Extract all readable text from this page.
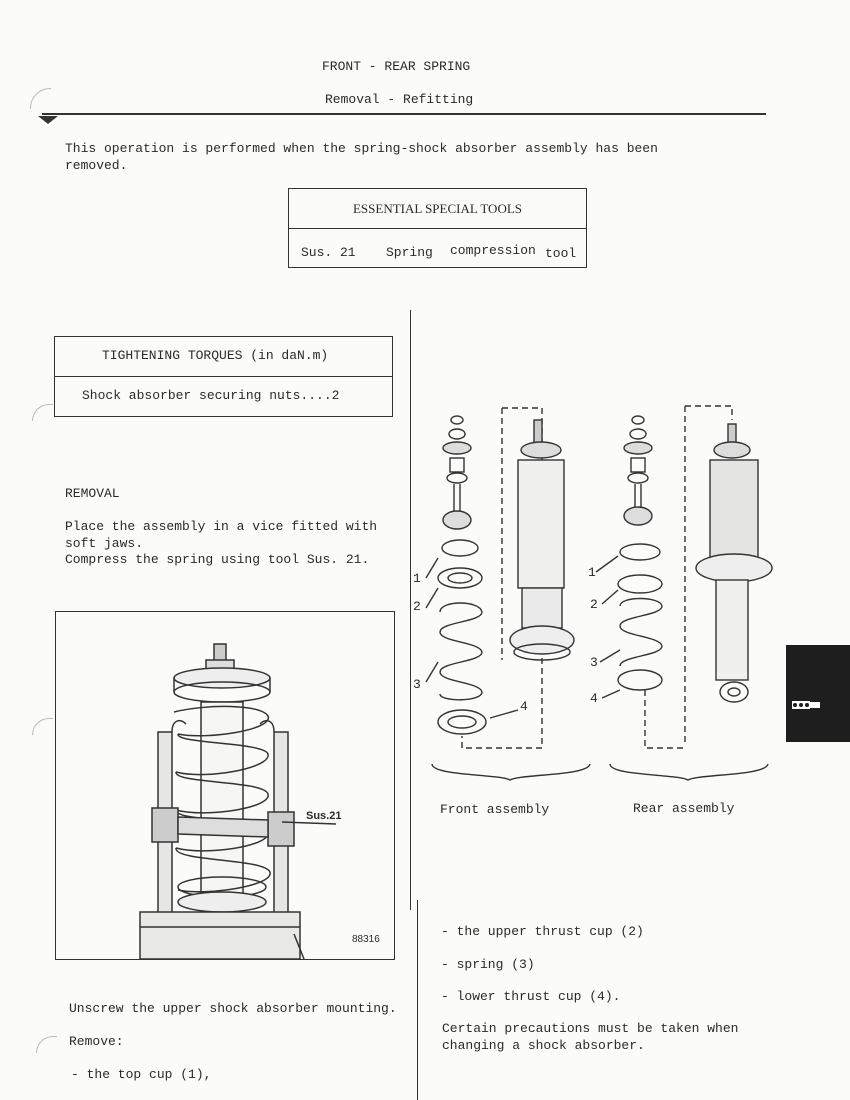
FRONT - REAR SPRING
Removal - Refitting
This operation is performed when the spring-shock absorber assembly has been
removed.
ESSENTIAL SPECIAL TOOLS
Sus. 21 Spring compression tool
TIGHTENING TORQUES (in daN.m)
Shock absorber securing nuts....2
REMOVAL
Place the assembly in a vice fitted with
soft jaws.
Compress the spring using tool Sus. 21.
Sus.21
88316
Unscrew the upper shock absorber mounting.
Remove:
- the top cup (1),
1
2
3
4
1
2
3
4
Front assembly	Rear assembly
- the upper thrust cup (2)
- spring (3)
- lower thrust cup (4).
Certain precautions must be taken when
changing a shock absorber.
